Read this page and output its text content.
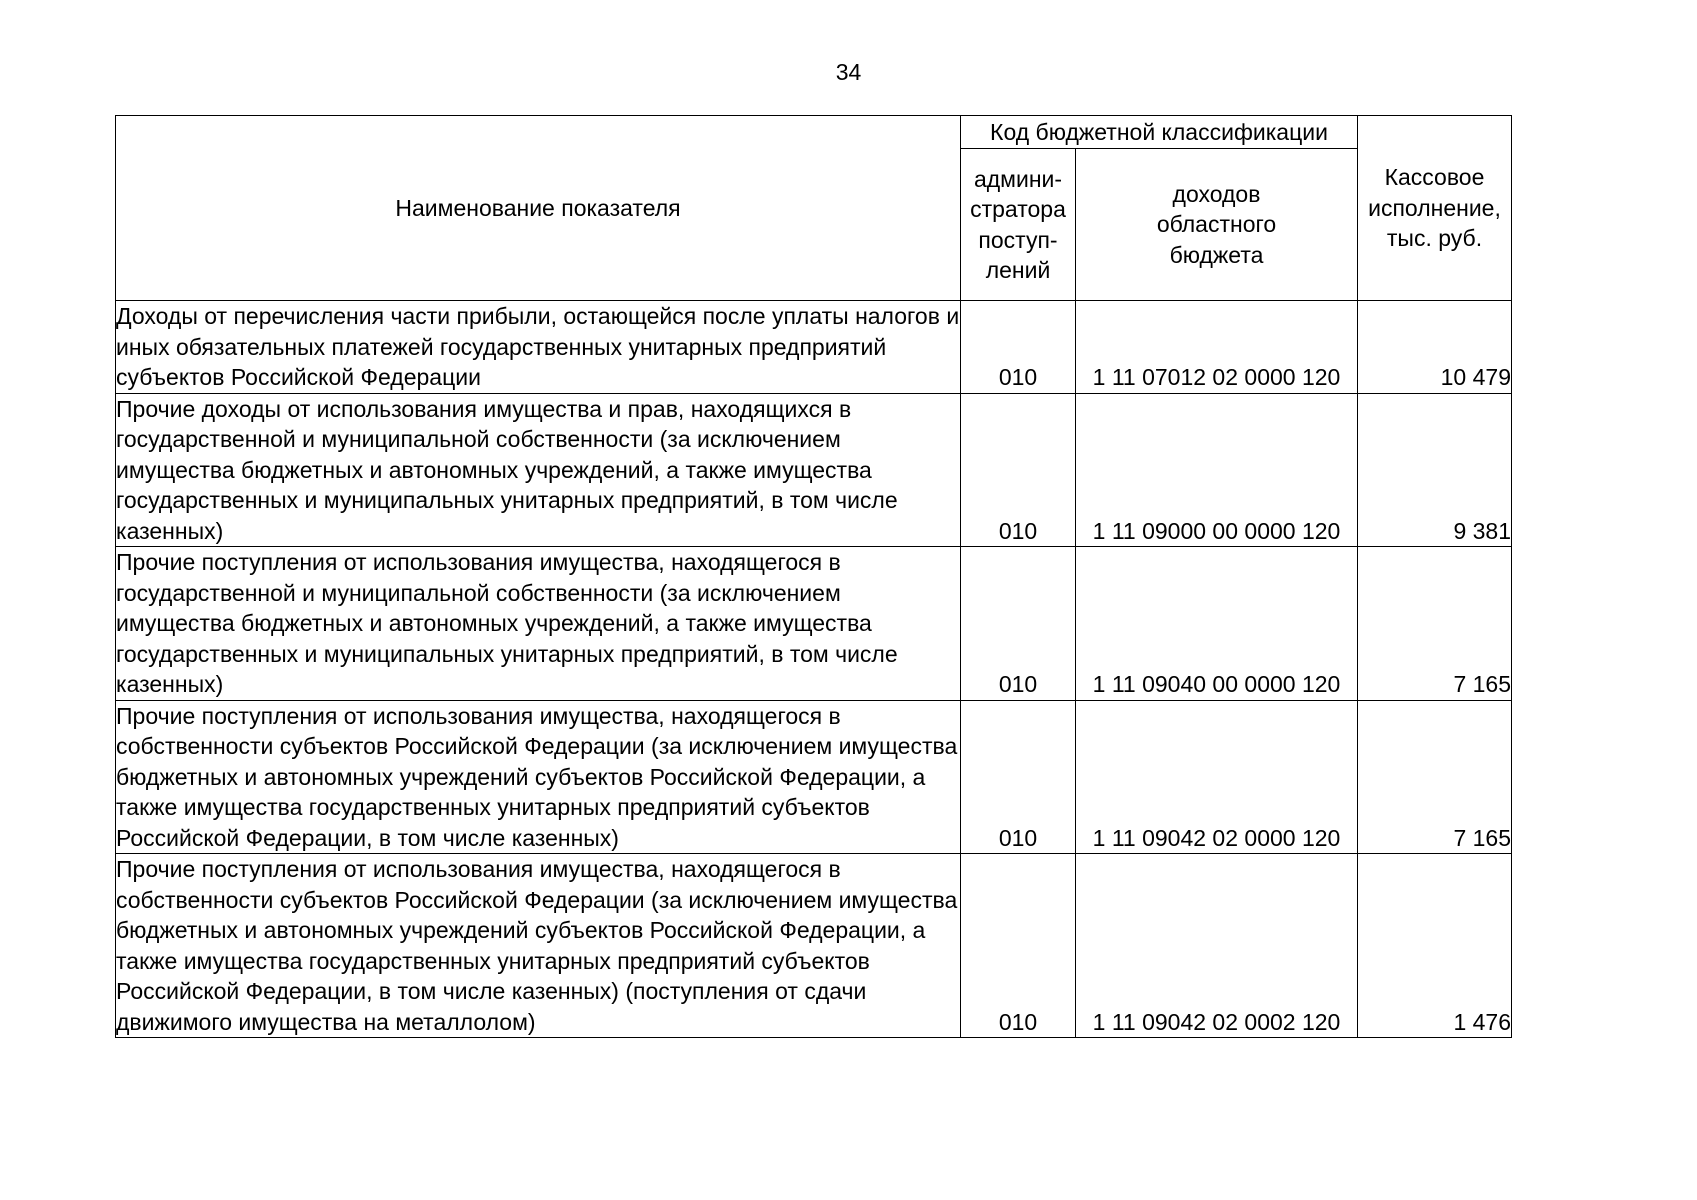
34
Наименование показателя	Код бюджетной классификации		Кассовое
исполнение,
тыс. руб.
	админи-
стратора
поступ-
лений	доходов
областного
бюджета	
Доходы от перечисления части прибыли, остающейся после уплаты налогов и иных обязательных платежей государственных унитарных предприятий субъектов Российской Федерации	010	1 11 07012 02 0000 120	10 479
Прочие доходы от использования имущества и прав, находящихся в государственной и муниципальной собственности (за исключением имущества бюджетных и автономных учреждений, а также имущества государственных и муниципальных унитарных предприятий, в том числе казенных)	010	1 11 09000 00 0000 120	9 381
Прочие поступления от использования имущества, находящегося в государственной и муниципальной собственности (за исключением имущества бюджетных и автономных учреждений, а также имущества государственных и муниципальных унитарных предприятий, в том числе казенных)	010	1 11 09040 00 0000 120	7 165
Прочие поступления от использования имущества, находящегося в собственности субъектов Российской Федерации (за исключением имущества бюджетных и автономных учреждений субъектов Российской Федерации, а также имущества государственных унитарных предприятий субъектов Российской Федерации, в том числе казенных)	010	1 11 09042 02 0000 120	7 165
Прочие поступления от использования имущества, находящегося в собственности субъектов Российской Федерации (за исключением имущества бюджетных и автономных учреждений субъектов Российской Федерации, а также имущества государственных унитарных предприятий субъектов Российской Федерации, в том числе казенных) (поступления от сдачи движимого имущества на металлолом)	010	1 11 09042 02 0002 120	1 476
